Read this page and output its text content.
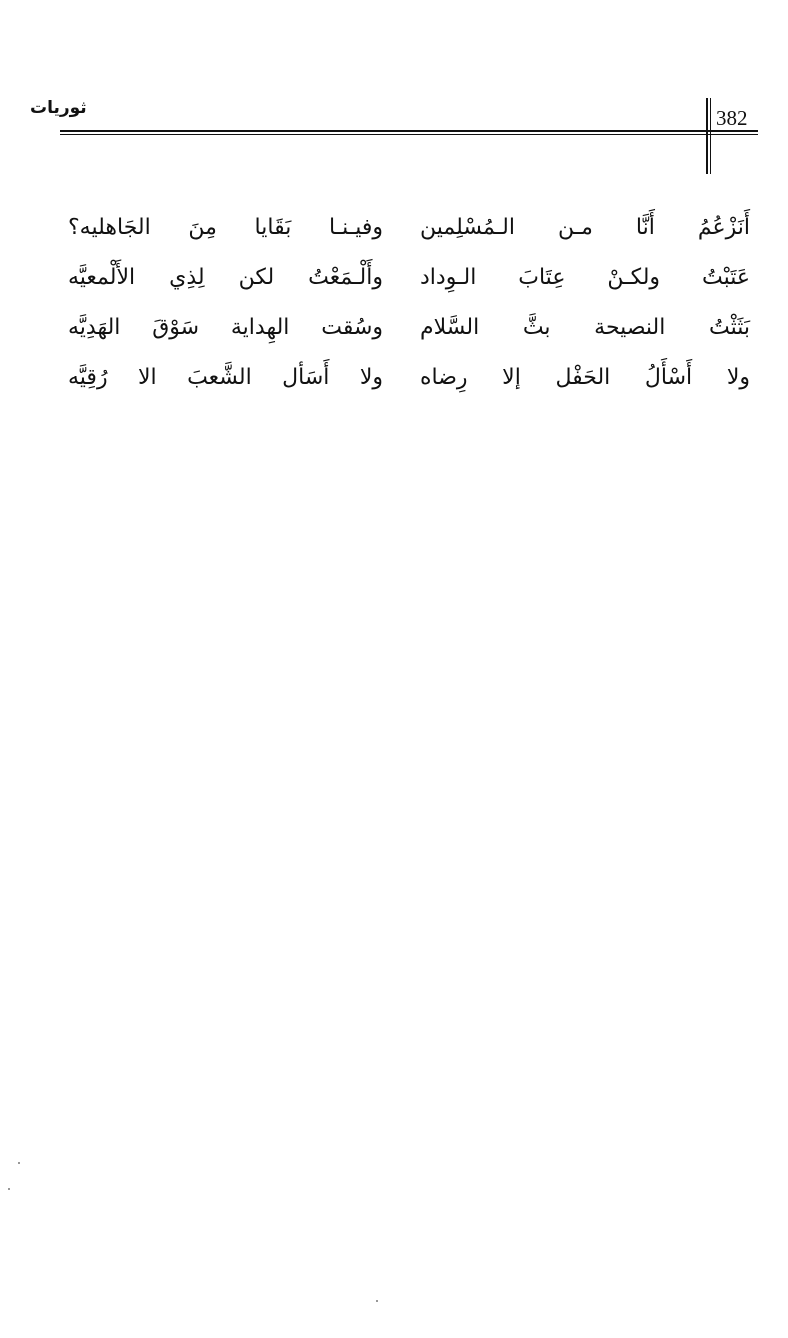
ثوريات	382
أَنَزْعُمُ أَنَّا مـن الـمُسْلِمين
وفيـنـا بَقَايا مِنَ الجَاهليه؟
عَتَبْتُ ولكـنْ عِتَابَ الـوِداد
وأَلْـمَعْتُ لكن لِذِي الأَلْمعيَّه
بَثَثْتُ النصيحة بثَّ السَّلام
وسُقت الهِداية سَوْقَ الهَدِيَّه
ولا أَسْأَلُ الحَفْل إلا رِضاه
ولا أَسَأل الشَّعبَ الا رُقِيَّه
